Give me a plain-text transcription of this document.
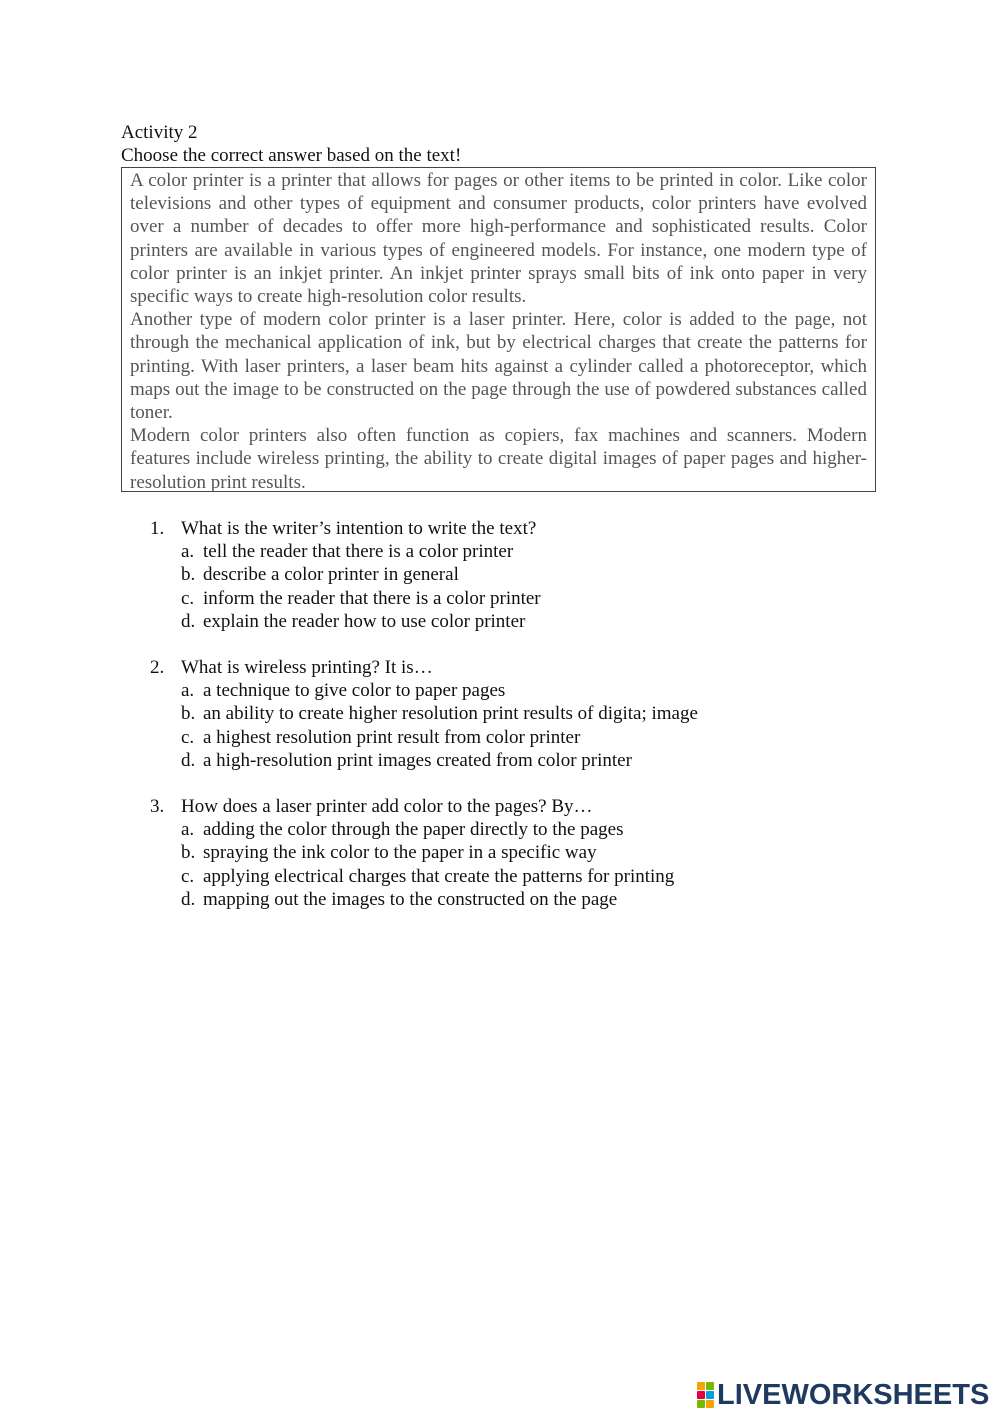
Activity 2
Choose the correct answer based on the text!

A color printer is a printer that allows for pages or other items to be printed in color. Like color televisions and other types of equipment and consumer products, color printers have evolved over a number of decades to offer more high-performance and sophisticated results. Color printers are available in various types of engineered models. For instance, one modern type of color printer is an inkjet printer. An inkjet printer sprays small bits of ink onto paper in very specific ways to create high-resolution color results.

Another type of modern color printer is a laser printer. Here, color is added to the page, not through the mechanical application of ink, but by electrical charges that create the patterns for printing. With laser printers, a laser beam hits against a cylinder called a photoreceptor, which maps out the image to be constructed on the page through the use of powdered substances called toner.

Modern color printers also often function as copiers, fax machines and scanners. Modern features include wireless printing, the ability to create digital images of paper pages and higher-resolution print results.

1. What is the writer’s intention to write the text?
a. tell the reader that there is a color printer
b. describe a color printer in general
c. inform the reader that there is a color printer
d. explain the reader how to use color printer
2. What is wireless printing? It is…
a. a technique to give color to paper pages
b. an ability to create higher resolution print results of digita; image
c. a highest resolution print result from color printer
d. a high-resolution print images created from color printer
3. How does a laser printer add color to the pages? By…
a. adding the color through the paper directly to the pages
b. spraying the ink color to the paper in a specific way
c. applying electrical charges that create the patterns for printing
d. mapping out the images to the constructed on the page
LIVEWORKSHEETS
